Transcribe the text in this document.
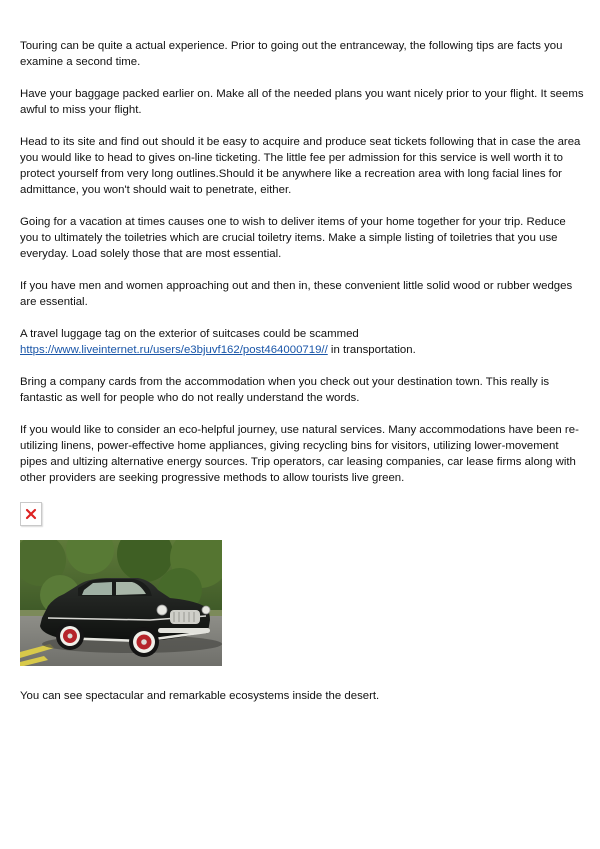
Touring can be quite a actual experience. Prior to going out the entranceway, the following tips are facts you examine a second time.

Have your baggage packed earlier on. Make all of the needed plans you want nicely prior to your flight. It seems awful to miss your flight.

Head to its site and find out should it be easy to acquire and produce seat tickets following that in case the area you would like to head to gives on-line ticketing. The little fee per admission for this service is well worth it to protect yourself from very long outlines.Should it be anywhere like a recreation area with long facial lines for admittance, you won't should wait to penetrate, either.

Going for a vacation at times causes one to wish to deliver items of your home together for your trip. Reduce you to ultimately the toiletries which are crucial toiletry items. Make a simple listing of toiletries that you use everyday. Load solely those that are most essential.

If you have men and women approaching out and then in, these convenient little solid wood or rubber wedges are essential.

A travel luggage tag on the exterior of suitcases could be scammed
https://www.liveinternet.ru/users/e3bjuvf162/post464000719// in transportation.

Bring a company cards from the accommodation when you check out your destination town. This really is fantastic as well for people who do not really understand the words.

If you would like to consider an eco-helpful journey, use natural services. Many accommodations have been re-utilizing linens, power-effective home appliances, giving recycling bins for visitors, utilizing lower-movement pipes and ultizing alternative energy sources. Trip operators, car leasing companies, car lease firms along with other providers are seeking progressive methods to allow tourists live green.

You can see spectacular and remarkable ecosystems inside the desert.
